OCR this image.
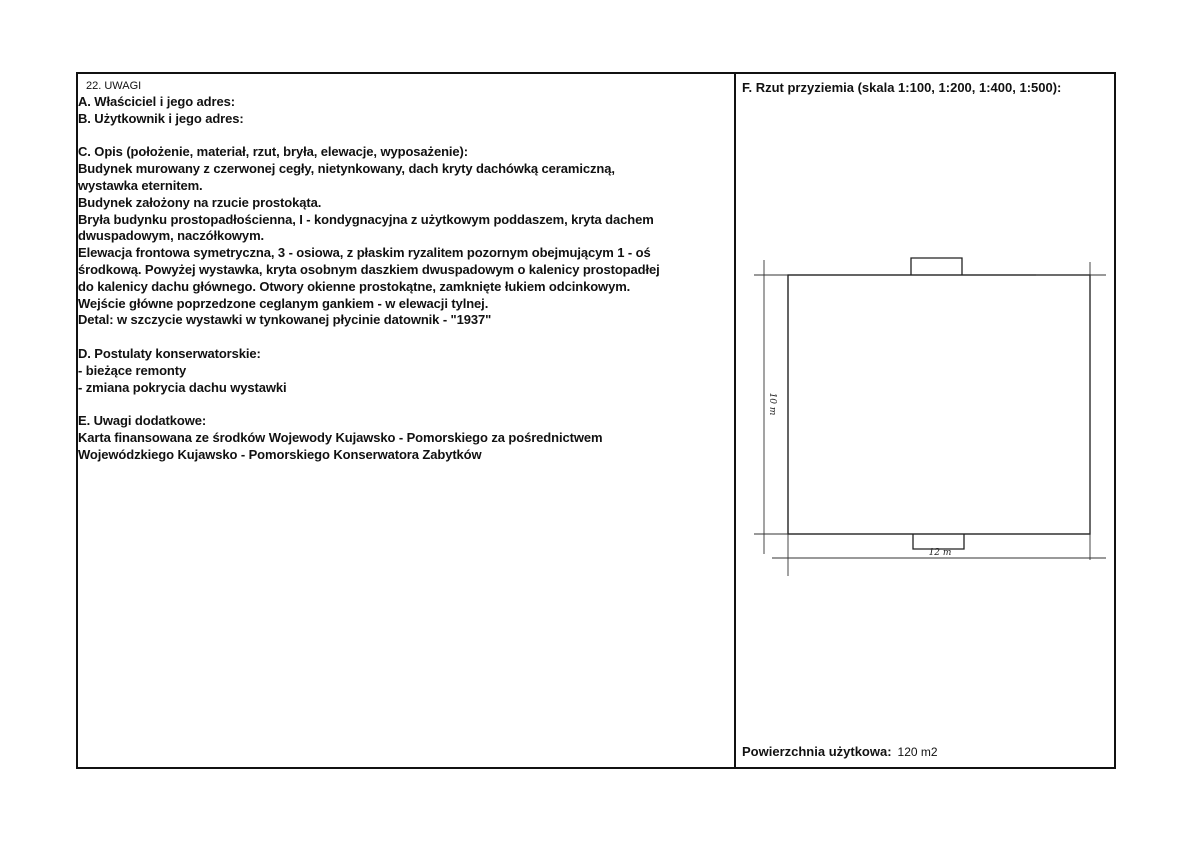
22. UWAGI
A. Właściciel i jego adres:
B. Użytkownik i jego adres:
C. Opis (położenie, materiał, rzut, bryła, elewacje, wyposażenie):
Budynek murowany z czerwonej cegły, nietynkowany, dach kryty dachówką ceramiczną,
wystawka eternitem.
Budynek założony na rzucie prostokąta.
Bryła budynku prostopadłościenna, I - kondygnacyjna z użytkowym poddaszem, kryta dachem
dwuspadowym, naczółkowym.
Elewacja frontowa symetryczna, 3 - osiowa, z płaskim ryzalitem pozornym obejmującym 1 - oś
środkową. Powyżej wystawka, kryta osobnym daszkiem dwuspadowym o kalenicy prostopadłej
do kalenicy dachu głównego. Otwory okienne prostokątne, zamknięte łukiem odcinkowym.
Wejście główne poprzedzone ceglanym gankiem - w elewacji tylnej.
Detal: w szczycie wystawki w tynkowanej płycinie datownik - "1937"
D. Postulaty konserwatorskie:
- bieżące remonty
- zmiana pokrycia dachu wystawki
E. Uwagi dodatkowe:
Karta finansowana ze środków Wojewody Kujawsko - Pomorskiego za pośrednictwem
Wojewódzkiego Kujawsko - Pomorskiego Konserwatora Zabytków
F. Rzut przyziemia (skala 1:100, 1:200, 1:400, 1:500):
12 m
10 m
Powierzchnia użytkowa: 120 m2
